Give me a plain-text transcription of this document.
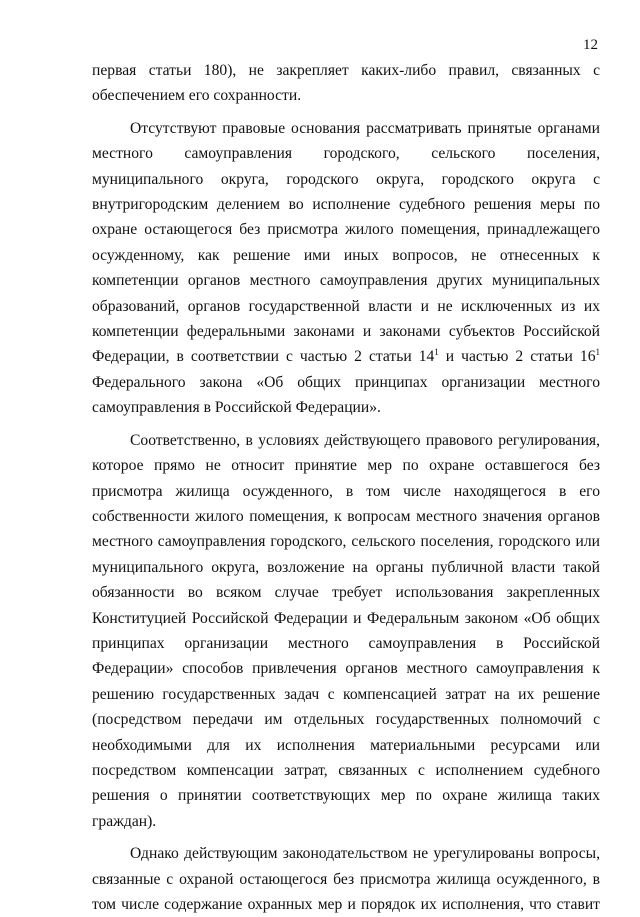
12

первая статьи 180), не закрепляет каких-либо правил, связанных с обеспечением его сохранности.

Отсутствуют правовые основания рассматривать принятые органами местного самоуправления городского, сельского поселения, муниципального округа, городского округа, городского округа с внутригородским делением во исполнение судебного решения меры по охране остающегося без присмотра жилого помещения, принадлежащего осужденному, как решение ими иных вопросов, не отнесенных к компетенции органов местного самоуправления других муниципальных образований, органов государственной власти и не исключенных из их компетенции федеральными законами и законами субъектов Российской Федерации, в соответствии с частью 2 статьи $14^1$ и частью 2 статьи $16^1$ Федерального закона «Об общих принципах организации местного самоуправления в Российской Федерации».

Соответственно, в условиях действующего правового регулирования, которое прямо не относит принятие мер по охране оставшегося без присмотра жилища осужденного, в том числе находящегося в его собственности жилого помещения, к вопросам местного значения органов местного самоуправления городского, сельского поселения, городского или муниципального округа, возложение на органы публичной власти такой обязанности во всяком случае требует использования закрепленных Конституцией Российской Федерации и Федеральным законом «Об общих принципах организации местного самоуправления в Российской Федерации» способов привлечения органов местного самоуправления к решению государственных задач с компенсацией затрат на их решение (посредством передачи им отдельных государственных полномочий с необходимыми для их исполнения материальными ресурсами или посредством компенсации затрат, связанных с исполнением судебного решения о принятии соответствующих мер по охране жилища таких граждан).

Однако действующим законодательством не урегулированы вопросы, связанные с охраной остающегося без присмотра жилища осужденного, в том числе содержание охранных мер и порядок их исполнения, что ставит
